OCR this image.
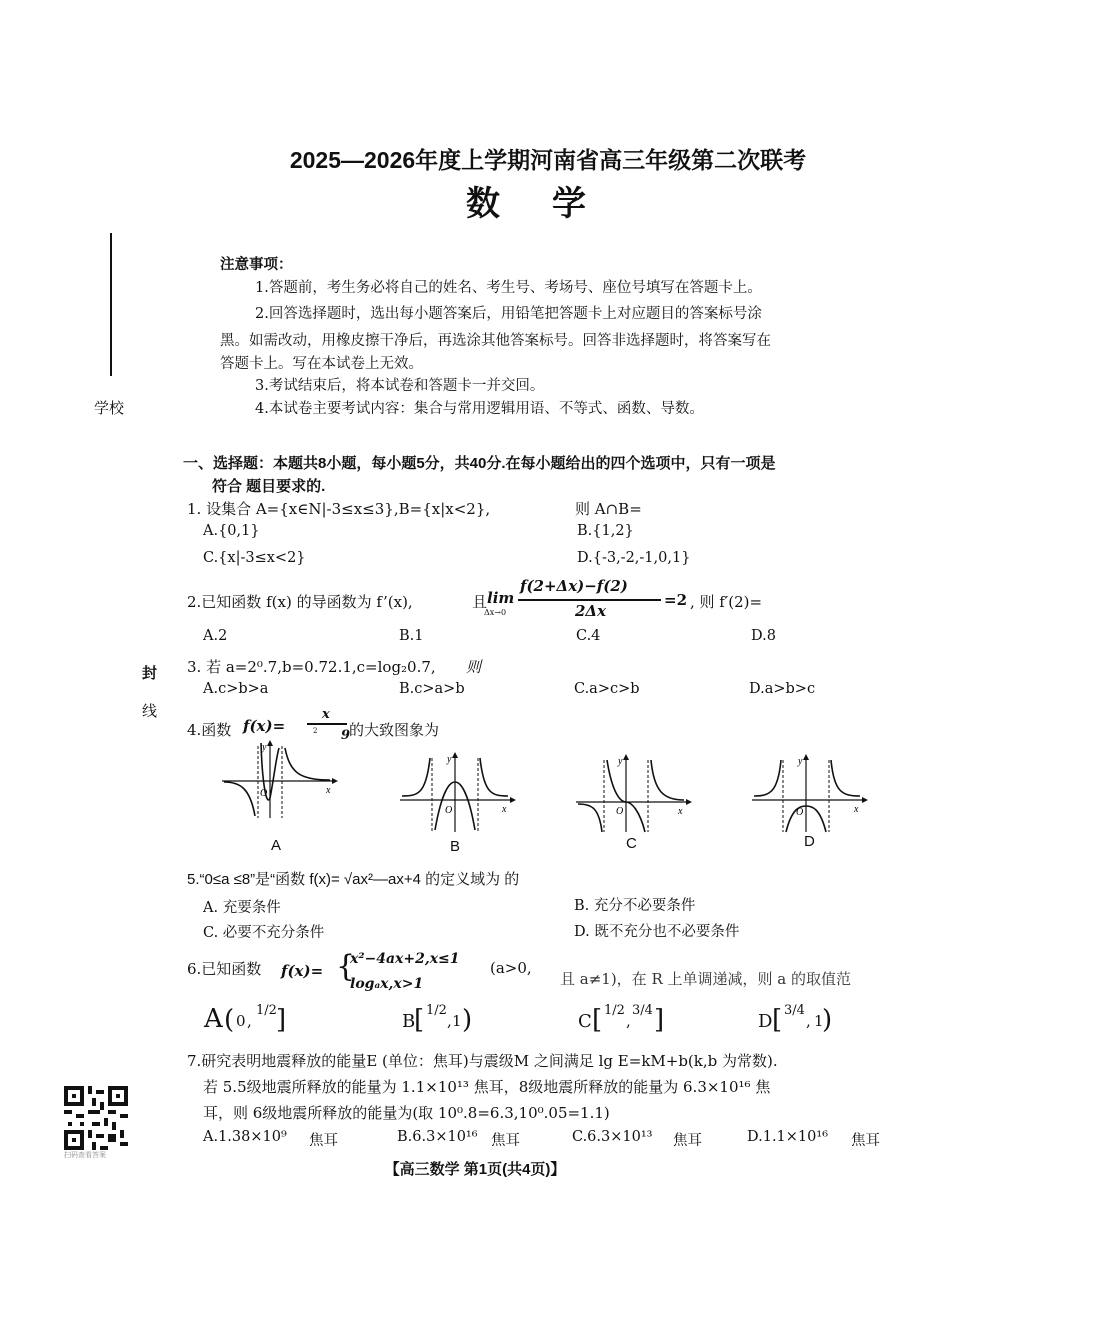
2025—2026年度上学期河南省高三年级第二次联考
数学
学校
封
线
注意事项：
1.答题前，考生务必将自己的姓名、考生号、考场号、座位号填写在答题卡上。
2.回答选择题时，选出每小题答案后，用铅笔把答题卡上对应题目的答案标号涂
黑。如需改动，用橡皮擦干净后，再选涂其他答案标号。回答非选择题时，将答案写在
答题卡上。写在本试卷上无效。
3.考试结束后，将本试卷和答题卡一并交回。
4.本试卷主要考试内容：集合与常用逻辑用语、不等式、函数、导数。
一、选择题：本题共8小题，每小题5分，共40分.在每小题给出的四个选项中，只有一项是
符合 题目要求的.
1. 设集合 A={x∈N|-3≤x≤3},B={x|x<2},	则 A∩B=
A.{0,1}	B.{1,2}
C.{x|-3≤x<2}	D.{-3,-2,-1,0,1}
2.已知函数 f(x) 的导函数为 f’(x),	且 lim
Δx→0
f(2+Δx)−f(2)
2Δx
=2 , 则 f′(2)=
A.2	B.1	C.4	D.8
3. 若 a=2⁰.7,b=0.72.1,c=log₂0.7, 则
A.c>b>a	B.c>a>b	C.a>c>b	D.a>b>c
4.函数 f(x)=
x
2 9
的大致图象为
y
O	x
A
y
O	x
B
y
O	x
C
y
O	x
D
5.“0≤a ≤8”是“函数 f(x)= √ax²—ax+4 的定义域为 的
A. 充要条件	B. 充分不必要条件
C. 必要不充分条件	D. 既不充分也不必要条件
6.已知函数 f(x)= {
x²−4ax+2,x≤1
logₐx,x>1
(a>0,
且 a≠1)，在 R 上单调递减，则 a 的取值范
A ( 0 ,
1/2 ]	B
[ 1/2
1
, )	C [ 1/2
,
3/4 ]	D [ 3/4
, 1
)
7.研究表明地震释放的能量E (单位：焦耳)与震级M 之间满足 lg E=kM+b(k,b 为常数).
若 5.5级地震所释放的能量为 1.1×10¹³ 焦耳，8级地震所释放的能量为 6.3×10¹⁶ 焦
耳，则 6级地震所释放的能量为(取 10⁰.8=6.3,10⁰.05=1.1)
A.1.38×10⁹ 焦耳	B.6.3×10¹⁶ 焦耳	C.6.3×10¹³ 焦耳	D.1.1×10¹⁶ 焦耳
扫码查看答案
【高三数学 第1页(共4页)】
